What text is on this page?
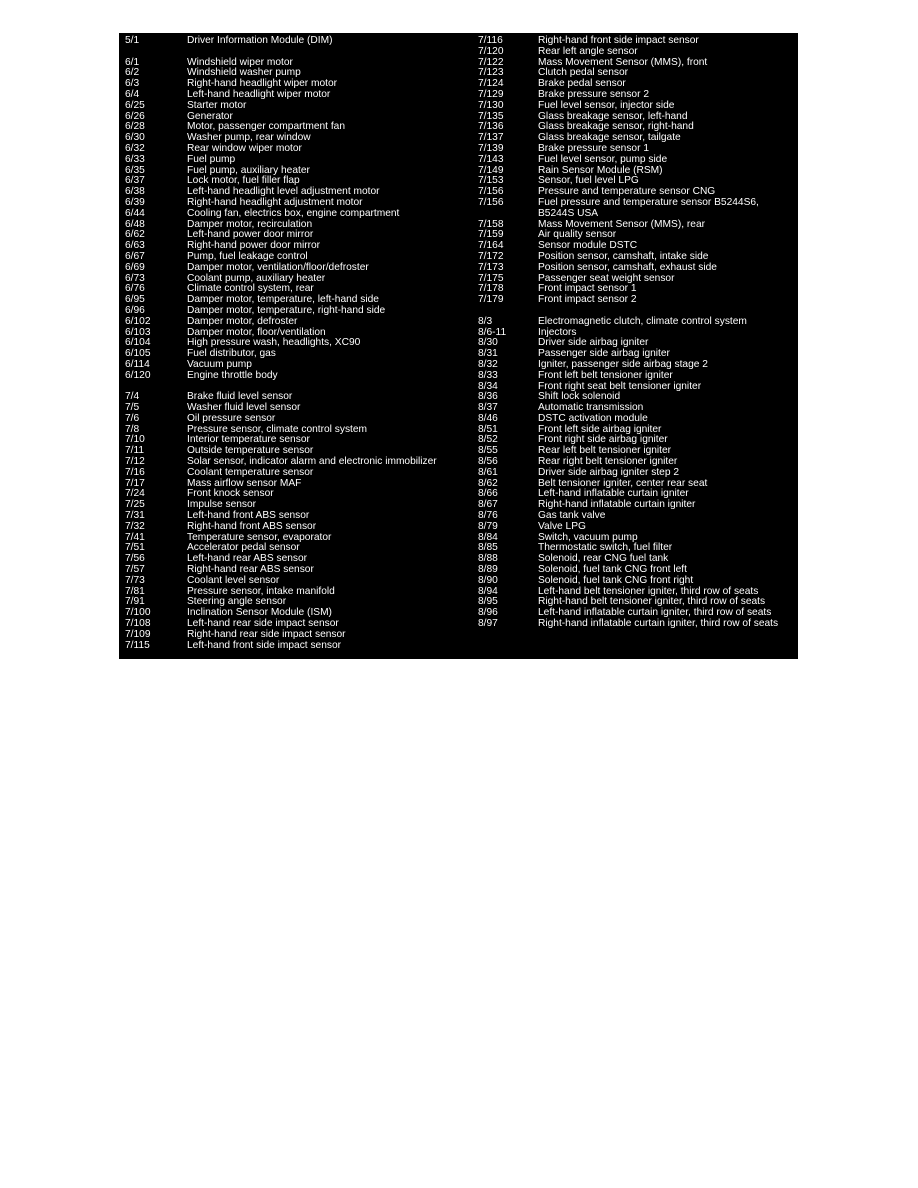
5/1	Driver Information Module (DIM)
6/1	Windshield wiper motor
6/2	Windshield washer pump
6/3	Right-hand headlight wiper motor
6/4	Left-hand headlight wiper motor
6/25	Starter motor
6/26	Generator
6/28	Motor, passenger compartment fan
6/30	Washer pump, rear window
6/32	Rear window wiper motor
6/33	Fuel pump
6/35	Fuel pump, auxiliary heater
6/37	Lock motor, fuel filler flap
6/38	Left-hand headlight level adjustment motor
6/39	Right-hand headlight adjustment motor
6/44	Cooling fan, electrics box, engine compartment
6/48	Damper motor, recirculation
6/62	Left-hand power door mirror
6/63	Right-hand power door mirror
6/67	Pump, fuel leakage control
6/69	Damper motor, ventilation/floor/defroster
6/73	Coolant pump, auxiliary heater
6/76	Climate control system, rear
6/95	Damper motor, temperature, left-hand side
6/96	Damper motor, temperature, right-hand side
6/102	Damper motor, defroster
6/103	Damper motor, floor/ventilation
6/104	High pressure wash, headlights, XC90
6/105	Fuel distributor, gas
6/114	Vacuum pump
6/120	Engine throttle body
7/4	Brake fluid level sensor
7/5	Washer fluid level sensor
7/6	Oil pressure sensor
7/8	Pressure sensor, climate control system
7/10	Interior temperature sensor
7/11	Outside temperature sensor
7/12	Solar sensor, indicator alarm and electronic immobilizer
7/16	Coolant temperature sensor
7/17	Mass airflow sensor MAF
7/24	Front knock sensor
7/25	Impulse sensor
7/31	Left-hand front ABS sensor
7/32	Right-hand front ABS sensor
7/41	Temperature sensor, evaporator
7/51	Accelerator pedal sensor
7/56	Left-hand rear ABS sensor
7/57	Right-hand rear ABS sensor
7/73	Coolant level sensor
7/81	Pressure sensor, intake manifold
7/91	Steering angle sensor
7/100	Inclination Sensor Module (ISM)
7/108	Left-hand rear side impact sensor
7/109	Right-hand rear side impact sensor
7/115	Left-hand front side impact sensor
7/116	Right-hand front side impact sensor
7/120	Rear left angle sensor
7/122	Mass Movement Sensor (MMS), front
7/123	Clutch pedal sensor
7/124	Brake pedal sensor
7/129	Brake pressure sensor 2
7/130	Fuel level sensor, injector side
7/135	Glass breakage sensor, left-hand
7/136	Glass breakage sensor, right-hand
7/137	Glass breakage sensor, tailgate
7/139	Brake pressure sensor 1
7/143	Fuel level sensor, pump side
7/149	Rain Sensor Module (RSM)
7/153	Sensor, fuel level LPG
7/156	Pressure and temperature sensor CNG
7/156	Fuel pressure and temperature sensor B5244S6,
B5244S USA
7/158	Mass Movement Sensor (MMS), rear
7/159	Air quality sensor
7/164	Sensor module DSTC
7/172	Position sensor, camshaft, intake side
7/173	Position sensor, camshaft, exhaust side
7/175	Passenger seat weight sensor
7/178	Front impact sensor 1
7/179	Front impact sensor 2
8/3	Electromagnetic clutch, climate control system
8/6-11	Injectors
8/30	Driver side airbag igniter
8/31	Passenger side airbag igniter
8/32	Igniter, passenger side airbag stage 2
8/33	Front left belt tensioner igniter
8/34	Front right seat belt tensioner igniter
8/36	Shift lock solenoid
8/37	Automatic transmission
8/46	DSTC activation module
8/51	Front left side airbag igniter
8/52	Front right side airbag igniter
8/55	Rear left belt tensioner igniter
8/56	Rear right belt tensioner igniter
8/61	Driver side airbag igniter step 2
8/62	Belt tensioner igniter, center rear seat
8/66	Left-hand inflatable curtain igniter
8/67	Right-hand inflatable curtain igniter
8/76	Gas tank valve
8/79	Valve LPG
8/84	Switch, vacuum pump
8/85	Thermostatic switch, fuel filter
8/88	Solenoid, rear CNG fuel tank
8/89	Solenoid, fuel tank CNG front left
8/90	Solenoid, fuel tank CNG front right
8/94	Left-hand belt tensioner igniter, third row of seats
8/95	Right-hand belt tensioner igniter, third row of seats
8/96	Left-hand inflatable curtain igniter, third row of seats
8/97	Right-hand inflatable curtain igniter, third row of seats
